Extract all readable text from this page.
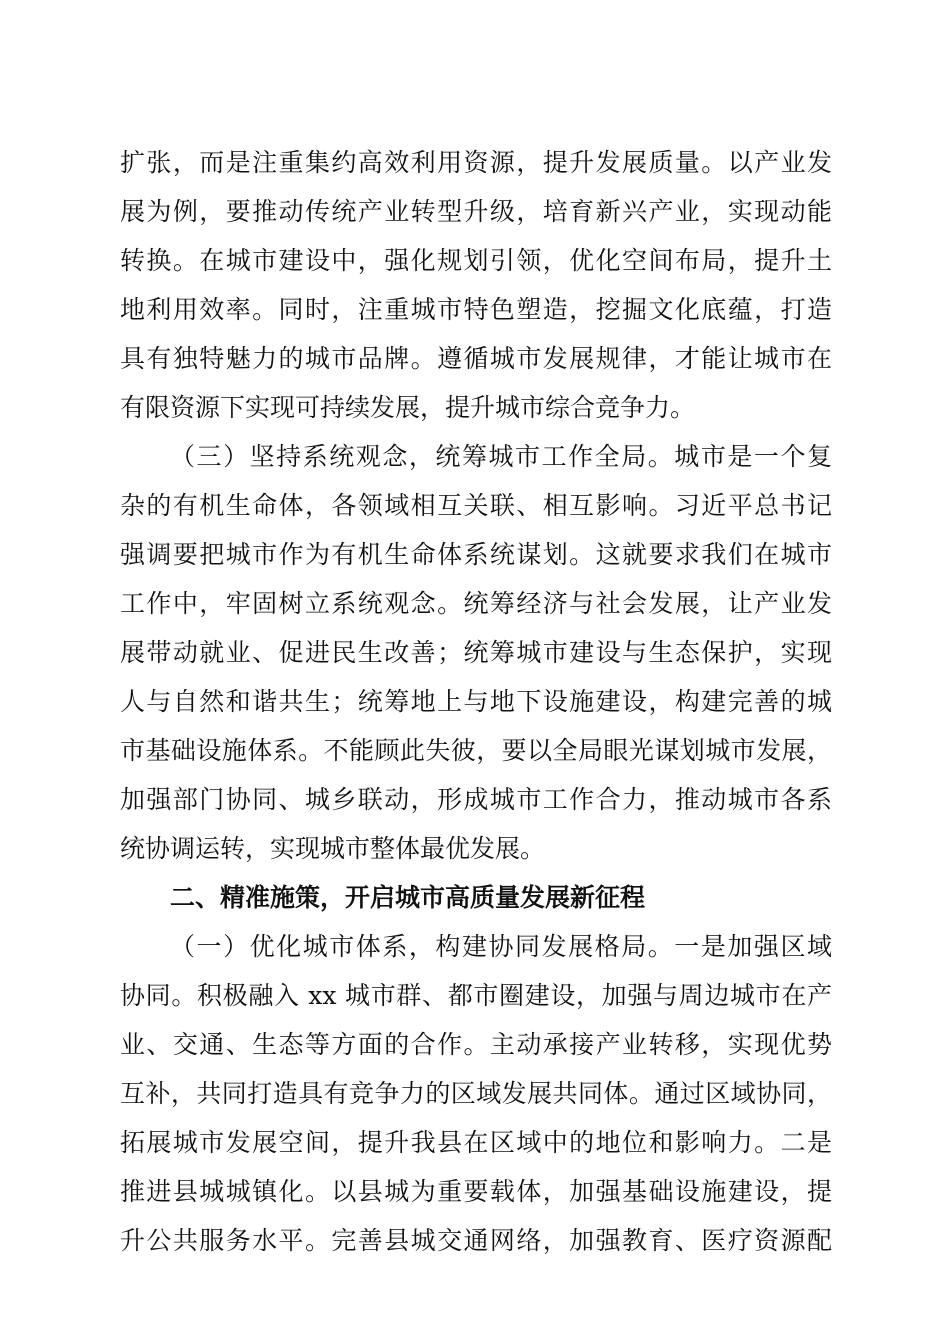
扩张，而是注重集约高效利用资源，提升发展质量。以产业发
展为例，要推动传统产业转型升级，培育新兴产业，实现动能
转换。在城市建设中，强化规划引领，优化空间布局，提升土
地利用效率。同时，注重城市特色塑造，挖掘文化底蕴，打造
具有独特魅力的城市品牌。遵循城市发展规律，才能让城市在
有限资源下实现可持续发展，提升城市综合竞争力。
（三）坚持系统观念，统筹城市工作全局。城市是一个复
杂的有机生命体，各领域相互关联、相互影响。习近平总书记
强调要把城市作为有机生命体系统谋划。这就要求我们在城市
工作中，牢固树立系统观念。统筹经济与社会发展，让产业发
展带动就业、促进民生改善；统筹城市建设与生态保护，实现
人与自然和谐共生；统筹地上与地下设施建设，构建完善的城
市基础设施体系。不能顾此失彼，要以全局眼光谋划城市发展，
加强部门协同、城乡联动，形成城市工作合力，推动城市各系
统协调运转，实现城市整体最优发展。
二、精准施策，开启城市高质量发展新征程
（一）优化城市体系，构建协同发展格局。一是加强区域
协同。积极融入 xx 城市群、都市圈建设，加强与周边城市在产
业、交通、生态等方面的合作。主动承接产业转移，实现优势
互补，共同打造具有竞争力的区域发展共同体。通过区域协同，
拓展城市发展空间，提升我县在区域中的地位和影响力。二是
推进县城城镇化。以县城为重要载体，加强基础设施建设，提
升公共服务水平。完善县城交通网络，加强教育、医疗资源配
